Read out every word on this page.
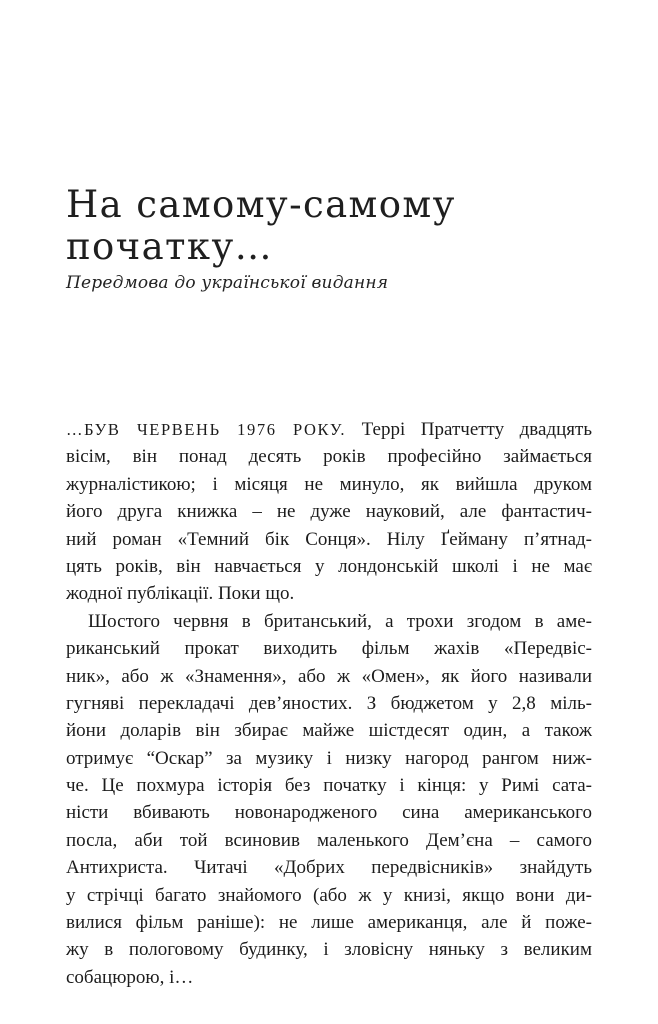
На самому-самому
початку…

Передмова до української видання

…БУВ ЧЕРВЕНЬ 1976 РОКУ. Террі Пратчетту двадцять
вісім, він понад десять років професійно займається
журналістикою; і місяця не минуло, як вийшла друком
його друга книжка – не дуже науковий, але фантастич-
ний роман «Темний бік Сонця». Нілу Ґейману п’ятнад-
цять років, він навчається у лондонській школі і не має
жодної публікації. Поки що.
Шостого червня в британський, а трохи згодом в аме-
риканський прокат виходить фільм жахів «Передвіс-
ник», або ж «Знамення», або ж «Омен», як його називали
гугняві перекладачі дев’яностих. З бюджетом у 2,8 міль-
йони доларів він збирає майже шістдесят один, а також
отримує “Оскар” за музику і низку нагород рангом ниж-
че. Це похмура історія без початку і кінця: у Римі сата-
ністи вбивають новонародженого сина американського
посла, аби той всиновив маленького Дем’єна – самого
Антихриста. Читачі «Добрих передвісників» знайдуть
у стрічці багато знайомого (або ж у книзі, якщо вони ди-
вилися фільм раніше): не лише американця, але й поже-
жу в пологовому будинку, і зловісну няньку з великим
собацюрою, і…
